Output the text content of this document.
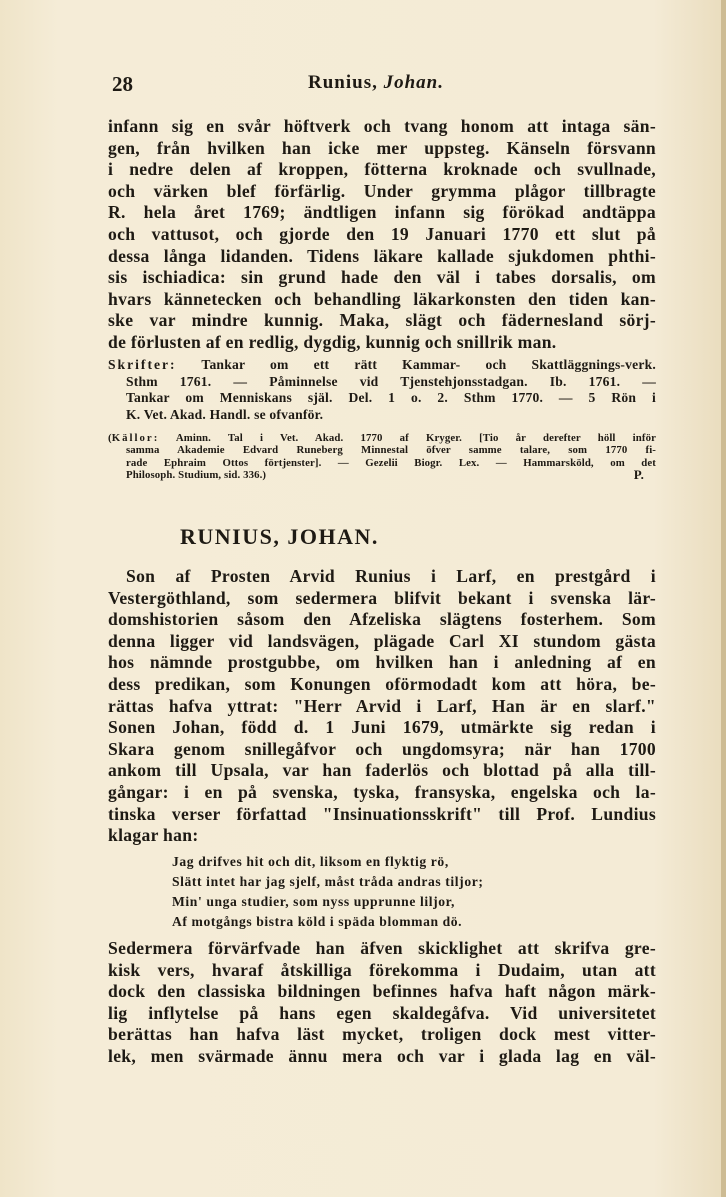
28	Runius, Johan.
infann sig en svår höftverk och tvang honom att intaga sän-
gen, från hvilken han icke mer uppsteg. Känseln försvann
i nedre delen af kroppen, fötterna kroknade och svullnade,
och värken blef förfärlig. Under grymma plågor tillbragte
R. hela året 1769; ändtligen infann sig förökad andtäppa
och vattusot, och gjorde den 19 Januari 1770 ett slut på
dessa långa lidanden. Tidens läkare kallade sjukdomen phthi-
sis ischiadica: sin grund hade den väl i tabes dorsalis, om
hvars kännetecken och behandling läkarkonsten den tiden kan-
ske var mindre kunnig. Maka, slägt och fädernesland sörj-
de förlusten af en redlig, dygdig, kunnig och snillrik man.
Skrifter: Tankar om ett rätt Kammar- och Skattläggnings-verk.
Sthm 1761. — Påminnelse vid Tjenstehjonsstadgan. Ib. 1761. —
Tankar om Menniskans själ. Del. 1 o. 2. Sthm 1770. — 5 Rön i
K. Vet. Akad. Handl. se ofvanför.
(Källor: Aminn. Tal i Vet. Akad. 1770 af Kryger. [Tio år derefter höll inför
samma Akademie Edvard Runeberg Minnestal öfver samme talare, som 1770 fi-
rade Ephraim Ottos förtjenster]. — Gezelii Biogr. Lex. — Hammarsköld, om det
Philosoph. Studium, sid. 336.)	P.
RUNIUS, JOHAN.
Son af Prosten Arvid Runius i Larf, en prestgård i
Vestergöthland, som sedermera blifvit bekant i svenska lär-
domshistorien såsom den Afzeliska slägtens fosterhem. Som
denna ligger vid landsvägen, plägade Carl XI stundom gästa
hos nämnde prostgubbe, om hvilken han i anledning af en
dess predikan, som Konungen oförmodadt kom att höra, be-
rättas hafva yttrat: "Herr Arvid i Larf, Han är en slarf."
Sonen Johan, född d. 1 Juni 1679, utmärkte sig redan i
Skara genom snillegåfvor och ungdomsyra; när han 1700
ankom till Upsala, var han faderlös och blottad på alla till-
gångar: i en på svenska, tyska, fransyska, engelska och la-
tinska verser författad "Insinuationsskrift" till Prof. Lundius
klagar han:
Jag drifves hit och dit, liksom en flyktig rö,
Slätt intet har jag sjelf, måst tråda andras tiljor;
Min' unga studier, som nyss upprunne liljor,
Af motgångs bistra köld i späda blomman dö.
Sedermera förvärfvade han äfven skicklighet att skrifva gre-
kisk vers, hvaraf åtskilliga förekomma i Dudaim, utan att
dock den classiska bildningen befinnes hafva haft någon märk-
lig inflytelse på hans egen skaldegåfva. Vid universitetet
berättas han hafva läst mycket, troligen dock mest vitter-
lek, men svärmade ännu mera och var i glada lag en väl-
